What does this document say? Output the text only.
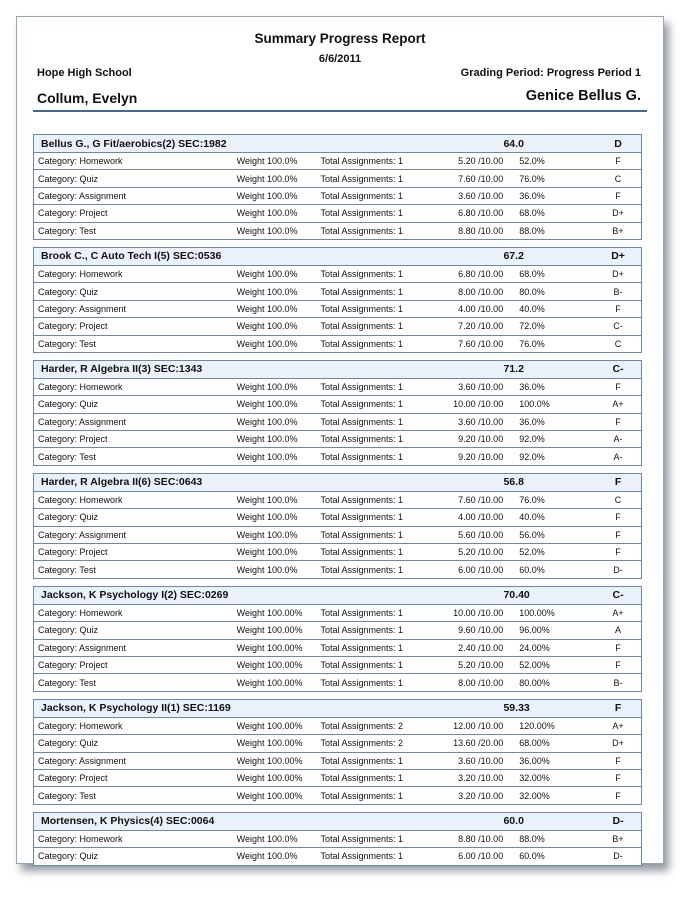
Summary Progress Report
6/6/2011
Hope High School	Grading Period: Progress Period 1
Collum, Evelyn	Genice Bellus G.
Bellus G., G Fit/aerobics(2) SEC:1982	64.0	D
Category: Homework	Weight 100.0%	Total Assignments: 1	5.20 /10.00	52.0%	F
Category: Quiz	Weight 100.0%	Total Assignments: 1	7.60 /10.00	76.0%	C
Category: Assignment	Weight 100.0%	Total Assignments: 1	3.60 /10.00	36.0%	F
Category: Project	Weight 100.0%	Total Assignments: 1	6.80 /10.00	68.0%	D+
Category: Test	Weight 100.0%	Total Assignments: 1	8.80 /10.00	88.0%	B+
Brook C., C Auto Tech I(5) SEC:0536	67.2	D+
Category: Homework	Weight 100.0%	Total Assignments: 1	6.80 /10.00	68.0%	D+
Category: Quiz	Weight 100.0%	Total Assignments: 1	8.00 /10.00	80.0%	B-
Category: Assignment	Weight 100.0%	Total Assignments: 1	4.00 /10.00	40.0%	F
Category: Project	Weight 100.0%	Total Assignments: 1	7.20 /10.00	72.0%	C-
Category: Test	Weight 100.0%	Total Assignments: 1	7.60 /10.00	76.0%	C
Harder, R Algebra II(3) SEC:1343	71.2	C-
Category: Homework	Weight 100.0%	Total Assignments: 1	3.60 /10.00	36.0%	F
Category: Quiz	Weight 100.0%	Total Assignments: 1	10.00 /10.00	100.0%	A+
Category: Assignment	Weight 100.0%	Total Assignments: 1	3.60 /10.00	36.0%	F
Category: Project	Weight 100.0%	Total Assignments: 1	9.20 /10.00	92.0%	A-
Category: Test	Weight 100.0%	Total Assignments: 1	9.20 /10.00	92.0%	A-
Harder, R Algebra II(6) SEC:0643	56.8	F
Category: Homework	Weight 100.0%	Total Assignments: 1	7.60 /10.00	76.0%	C
Category: Quiz	Weight 100.0%	Total Assignments: 1	4.00 /10.00	40.0%	F
Category: Assignment	Weight 100.0%	Total Assignments: 1	5.60 /10.00	56.0%	F
Category: Project	Weight 100.0%	Total Assignments: 1	5.20 /10.00	52.0%	F
Category: Test	Weight 100.0%	Total Assignments: 1	6.00 /10.00	60.0%	D-
Jackson, K Psychology I(2) SEC:0269	70.40	C-
Category: Homework	Weight 100.00%	Total Assignments: 1	10.00 /10.00	100.00%	A+
Category: Quiz	Weight 100.00%	Total Assignments: 1	9.60 /10.00	96.00%	A
Category: Assignment	Weight 100.00%	Total Assignments: 1	2.40 /10.00	24.00%	F
Category: Project	Weight 100.00%	Total Assignments: 1	5.20 /10.00	52.00%	F
Category: Test	Weight 100.00%	Total Assignments: 1	8.00 /10.00	80.00%	B-
Jackson, K Psychology II(1) SEC:1169	59.33	F
Category: Homework	Weight 100.00%	Total Assignments: 2	12.00 /10.00	120.00%	A+
Category: Quiz	Weight 100.00%	Total Assignments: 2	13.60 /20.00	68.00%	D+
Category: Assignment	Weight 100.00%	Total Assignments: 1	3.60 /10.00	36.00%	F
Category: Project	Weight 100.00%	Total Assignments: 1	3.20 /10.00	32.00%	F
Category: Test	Weight 100.00%	Total Assignments: 1	3.20 /10.00	32.00%	F
Mortensen, K Physics(4) SEC:0064	60.0	D-
Category: Homework	Weight 100.0%	Total Assignments: 1	8.80 /10.00	88.0%	B+
Category: Quiz	Weight 100.0%	Total Assignments: 1	6.00 /10.00	60.0%	D-
